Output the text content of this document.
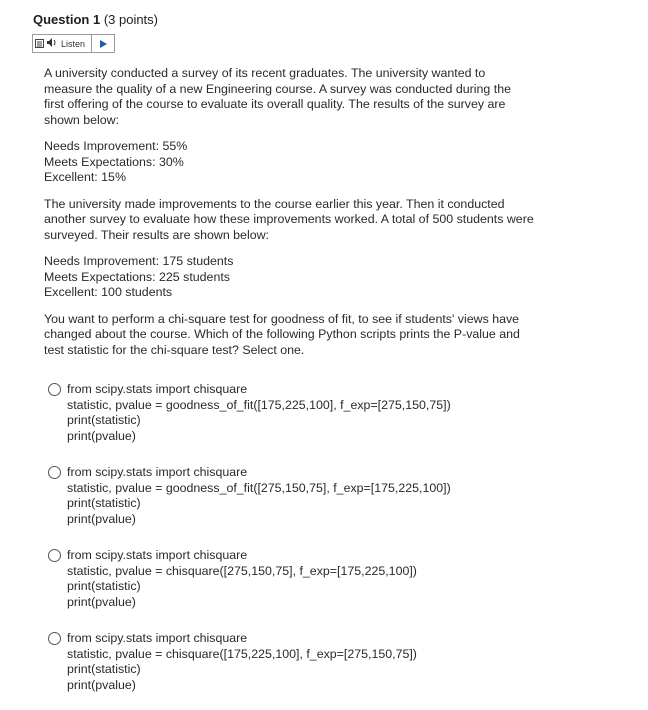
Question 1 (3 points)
Listen

A university conducted a survey of its recent graduates. The university wanted to measure the quality of a new Engineering course. A survey was conducted during the first offering of the course to evaluate its overall quality. The results of the survey are shown below:

Needs Improvement: 55%

Meets Expectations: 30%

Excellent: 15%

The university made improvements to the course earlier this year. Then it conducted another survey to evaluate how these improvements worked. A total of 500 students were surveyed. Their results are shown below:

Needs Improvement: 175 students

Meets Expectations: 225 students

Excellent: 100 students

You want to perform a chi-square test for goodness of fit, to see if students' views have changed about the course. Which of the following Python scripts prints the P-value and test statistic for the chi-square test? Select one.

from scipy.stats import chisquare
statistic, pvalue = goodness_of_fit([175,225,100], f_exp=[275,150,75])
print(statistic)
print(pvalue)
from scipy.stats import chisquare
statistic, pvalue = goodness_of_fit([275,150,75], f_exp=[175,225,100])
print(statistic)
print(pvalue)
from scipy.stats import chisquare
statistic, pvalue = chisquare([275,150,75], f_exp=[175,225,100])
print(statistic)
print(pvalue)
from scipy.stats import chisquare
statistic, pvalue = chisquare([175,225,100], f_exp=[275,150,75])
print(statistic)
print(pvalue)
